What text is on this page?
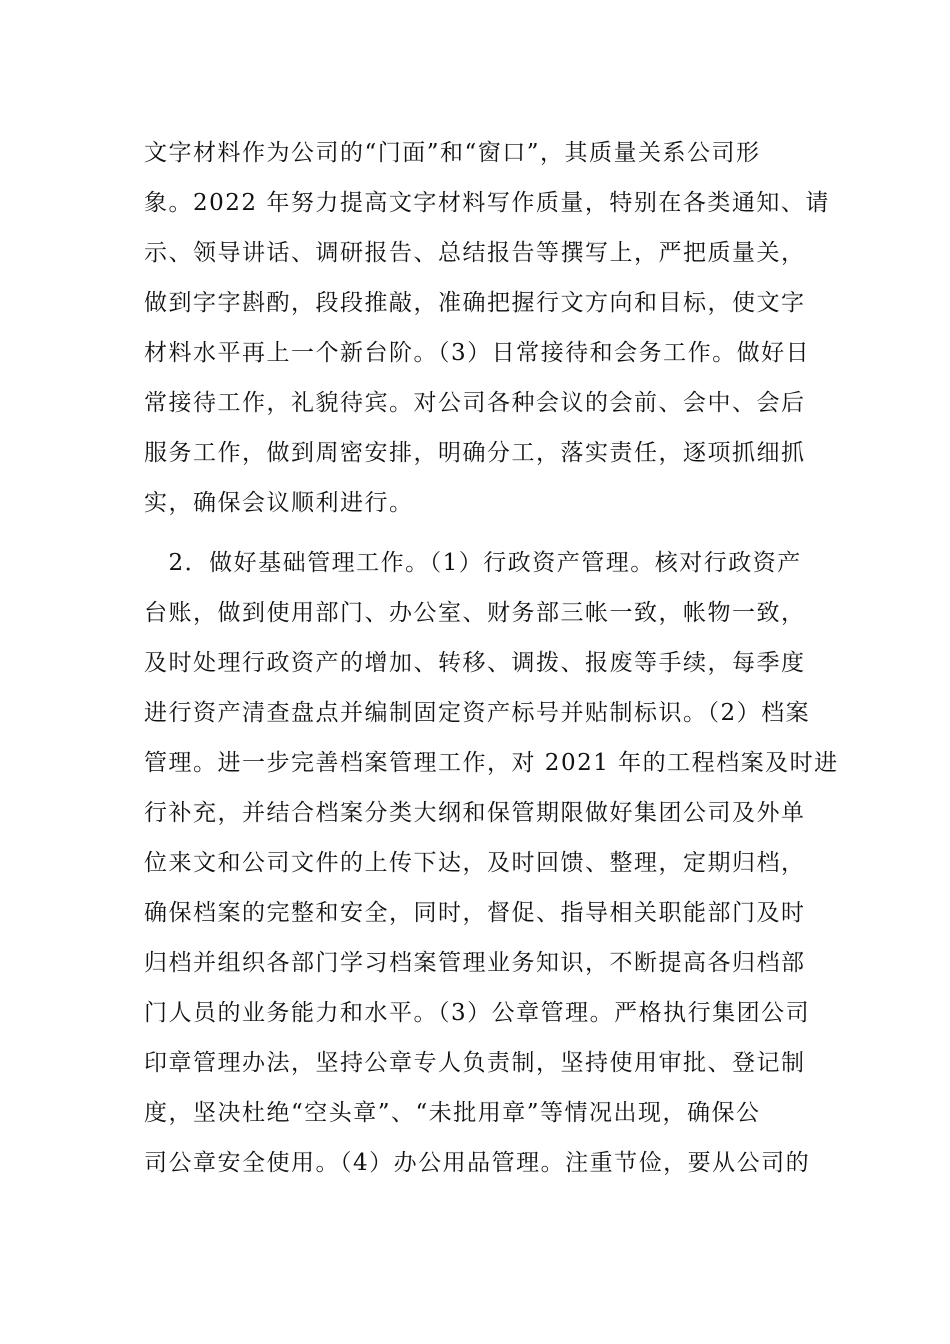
文字材料作为公司的“门面”和“窗口”，其质量关系公司形
象。2022 年努力提高文字材料写作质量，特别在各类通知、请
示、领导讲话、调研报告、总结报告等撰写上，严把质量关，
做到字字斟酌，段段推敲，准确把握行文方向和目标，使文字
材料水平再上一个新台阶。（3）日常接待和会务工作。做好日
常接待工作，礼貌待宾。对公司各种会议的会前、会中、会后
服务工作，做到周密安排，明确分工，落实责任，逐项抓细抓
实，确保会议顺利进行。
　2．做好基础管理工作。（1）行政资产管理。核对行政资产
台账，做到使用部门、办公室、财务部三帐一致，帐物一致，
及时处理行政资产的增加、转移、调拨、报废等手续，每季度
进行资产清查盘点并编制固定资产标号并贴制标识。（2）档案
管理。进一步完善档案管理工作，对 2021 年的工程档案及时进
行补充，并结合档案分类大纲和保管期限做好集团公司及外单
位来文和公司文件的上传下达，及时回馈、整理，定期归档，
确保档案的完整和安全，同时，督促、指导相关职能部门及时
归档并组织各部门学习档案管理业务知识，不断提高各归档部
门人员的业务能力和水平。（3）公章管理。严格执行集团公司
印章管理办法，坚持公章专人负责制，坚持使用审批、登记制
度，坚决杜绝“空头章”、“未批用章”等情况出现，确保公
司公章安全使用。（4）办公用品管理。注重节俭，要从公司的
